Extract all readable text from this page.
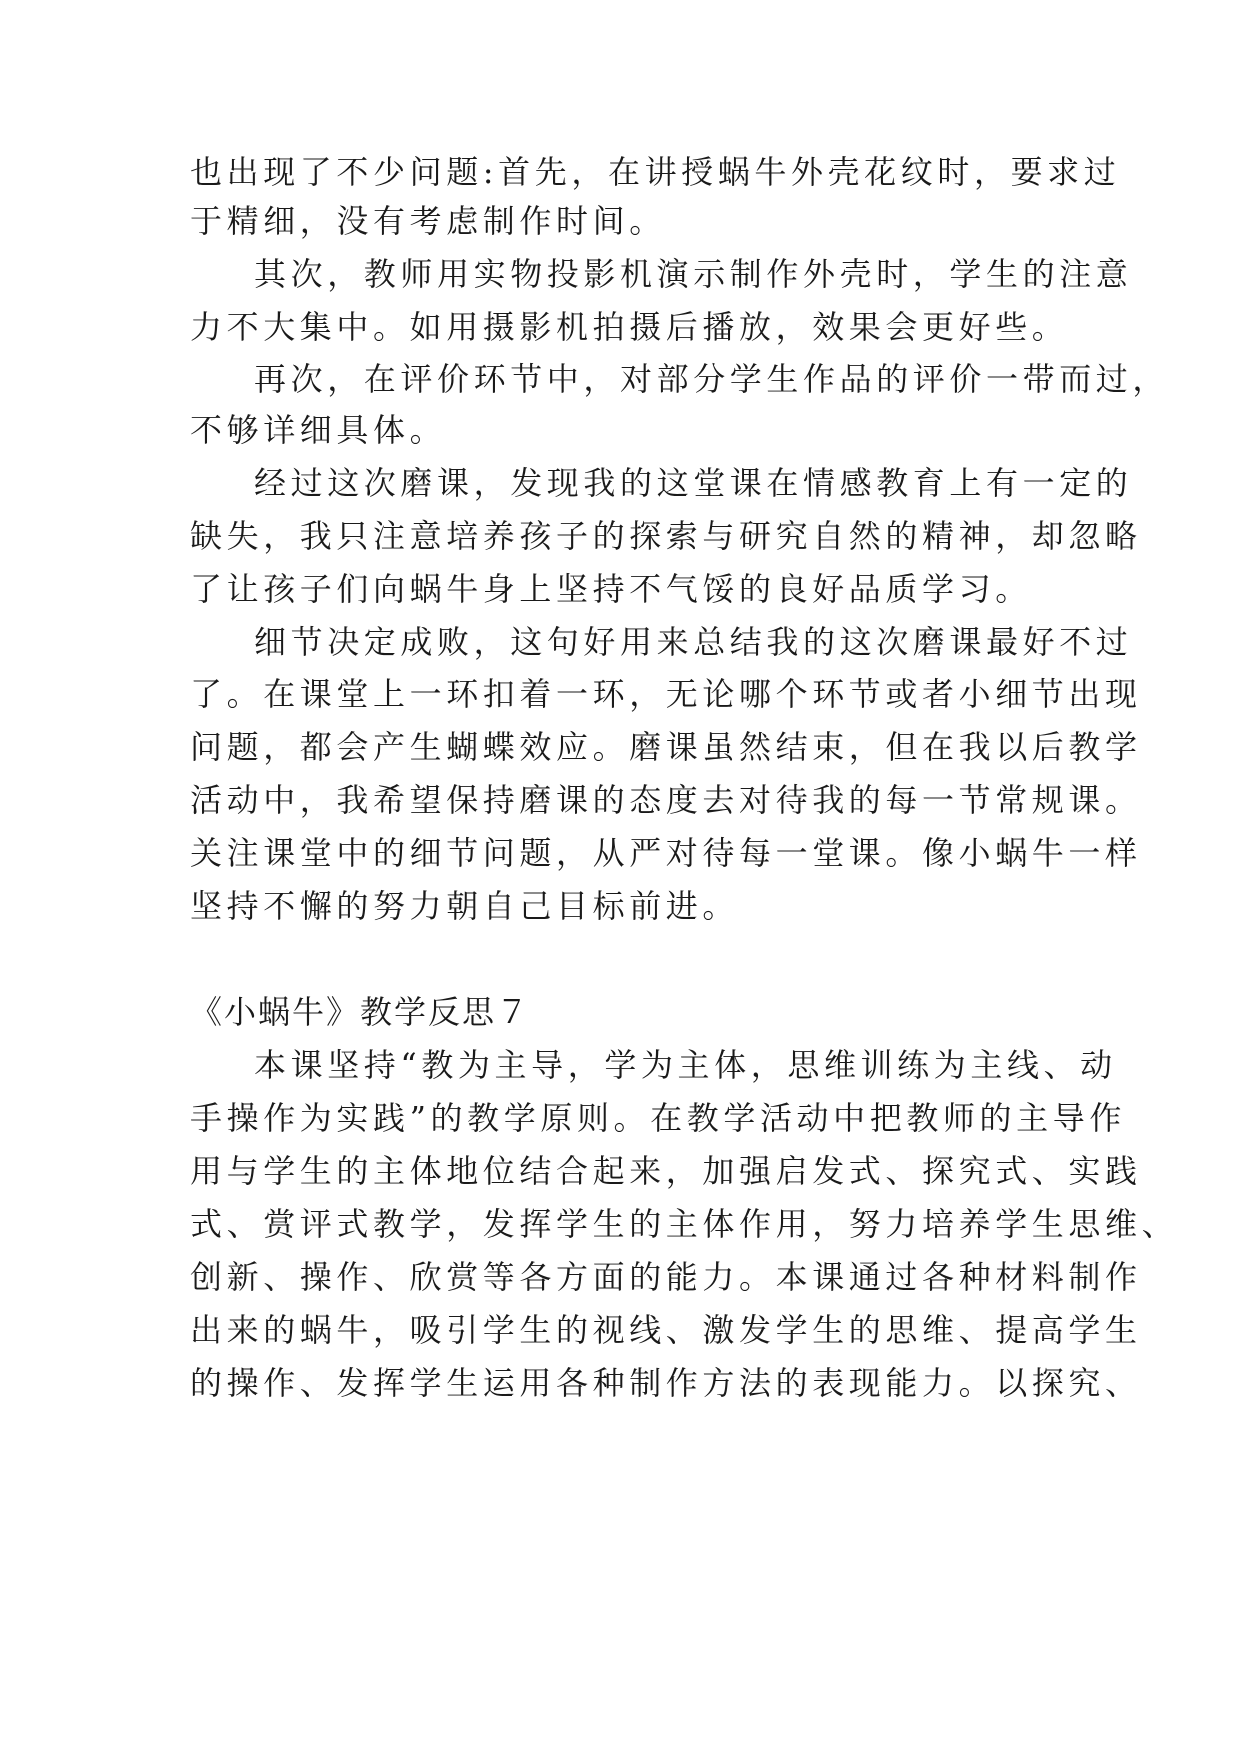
也出现了不少问题:首先，在讲授蜗牛外壳花纹时，要求过
于精细，没有考虑制作时间。
其次，教师用实物投影机演示制作外壳时，学生的注意
力不大集中。如用摄影机拍摄后播放，效果会更好些。
再次，在评价环节中，对部分学生作品的评价一带而过，
不够详细具体。
经过这次磨课，发现我的这堂课在情感教育上有一定的
缺失，我只注意培养孩子的探索与研究自然的精神，却忽略
了让孩子们向蜗牛身上坚持不气馁的良好品质学习。
细节决定成败，这句好用来总结我的这次磨课最好不过
了。在课堂上一环扣着一环，无论哪个环节或者小细节出现
问题，都会产生蝴蝶效应。磨课虽然结束，但在我以后教学
活动中，我希望保持磨课的态度去对待我的每一节常规课。
关注课堂中的细节问题，从严对待每一堂课。像小蜗牛一样
坚持不懈的努力朝自己目标前进。
《小蜗牛》教学反思７
本课坚持“教为主导，学为主体，思维训练为主线、动
手操作为实践”的教学原则。在教学活动中把教师的主导作
用与学生的主体地位结合起来，加强启发式、探究式、实践
式、赏评式教学，发挥学生的主体作用，努力培养学生思维、
创新、操作、欣赏等各方面的能力。本课通过各种材料制作
出来的蜗牛，吸引学生的视线、激发学生的思维、提高学生
的操作、发挥学生运用各种制作方法的表现能力。以探究、
